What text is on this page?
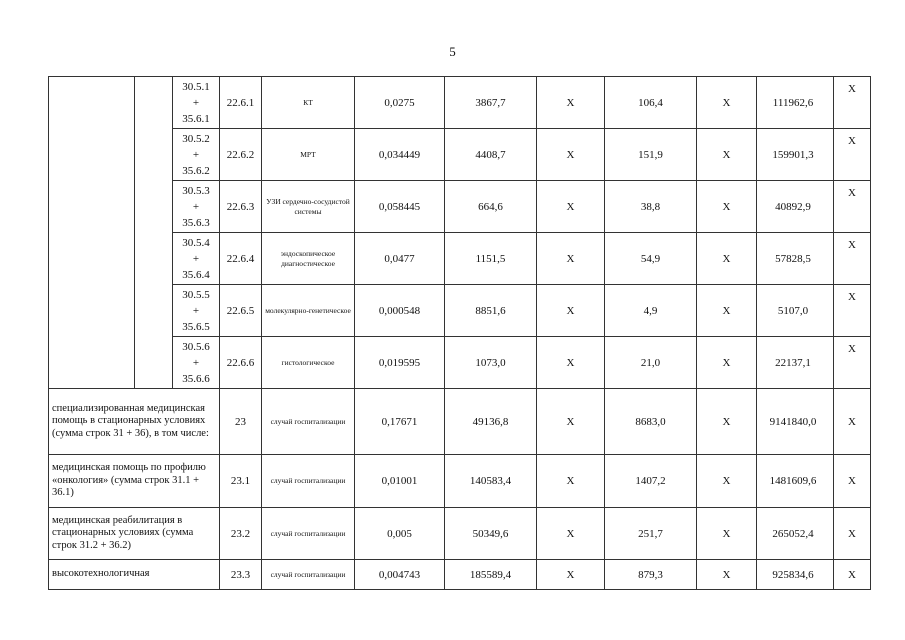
5

		30.5.1
+
35.6.1	22.6.1	КТ	0,0275	3867,7	Х	106,4	Х	111962,6	Х

		30.5.2
+
35.6.2	22.6.2	МРТ	0,034449	4408,7	Х	151,9	Х	159901,3	Х

		30.5.3
+
35.6.3	22.6.3	УЗИ сердечно-сосудистой системы	0,058445	664,6	Х	38,8	Х	40892,9	Х

		30.5.4
+
35.6.4	22.6.4	эндоскопическое диагностическое	0,0477	1151,5	Х	54,9	Х	57828,5	Х

		30.5.5
+
35.6.5	22.6.5	молекулярно-генетическое	0,000548	8851,6	Х	4,9	Х	5107,0	Х

		30.5.6
+
35.6.6	22.6.6	гистологическое	0,019595	1073,0	Х	21,0	Х	22137,1	Х
специализированная медицинская помощь в стационарных условиях (сумма строк 31 + 36), в том числе:			23	случай госпитализации	0,17671	49136,8	Х	8683,0	Х	9141840,0	Х
медицинская помощь по профилю «онкология» (сумма строк 31.1 + 36.1)			23.1	случай госпитализации	0,01001	140583,4	Х	1407,2	Х	1481609,6	Х
медицинская реабилитация в стационарных условиях (сумма строк 31.2 + 36.2)			23.2	случай госпитализации	0,005	50349,6	Х	251,7	Х	265052,4	Х
высокотехнологичная			23.3	случай госпитализации	0,004743	185589,4	Х	879,3	Х	925834,6	Х
